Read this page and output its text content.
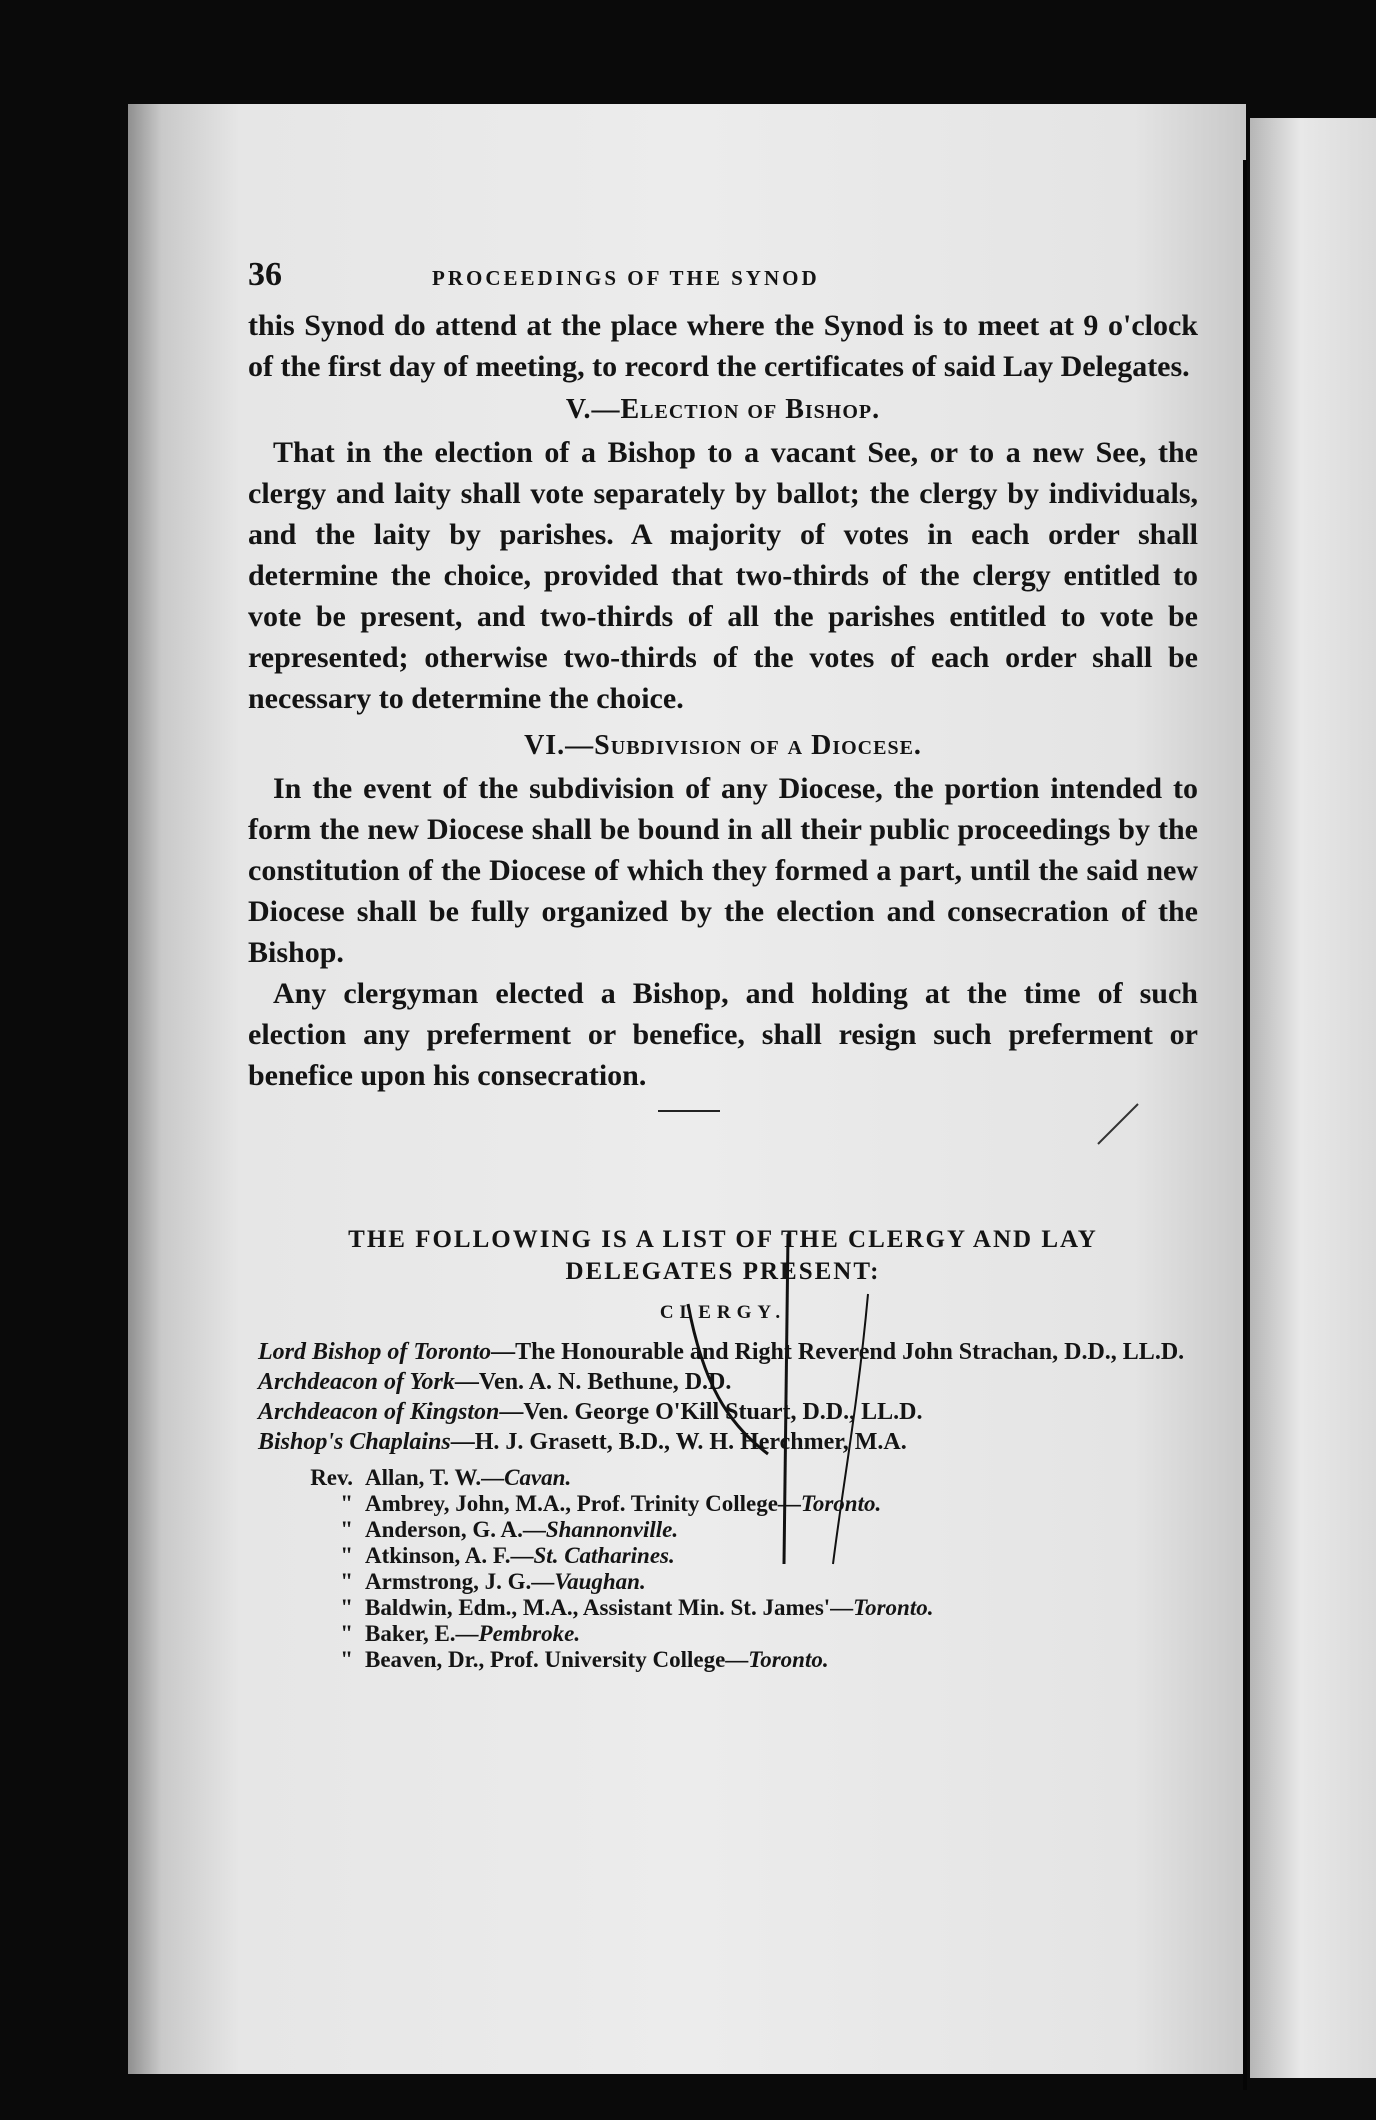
36	PROCEEDINGS OF THE SYNOD

this Synod do attend at the place where the Synod is to meet at 9 o'clock of the first day of meeting, to record the certificates of said Lay Delegates.

V.—Election of Bishop.

That in the election of a Bishop to a vacant See, or to a new See, the clergy and laity shall vote separately by ballot; the clergy by individuals, and the laity by parishes. A majority of votes in each order shall determine the choice, provided that two-thirds of the clergy entitled to vote be present, and two-thirds of all the parishes entitled to vote be represented; otherwise two-thirds of the votes of each order shall be necessary to determine the choice.

VI.—Subdivision of a Diocese.

In the event of the subdivision of any Diocese, the portion intended to form the new Diocese shall be bound in all their public proceedings by the constitution of the Diocese of which they formed a part, until the said new Diocese shall be fully organized by the election and consecration of the Bishop.

Any clergyman elected a Bishop, and holding at the time of such election any preferment or benefice, shall resign such preferment or benefice upon his consecration.

THE FOLLOWING IS A LIST OF THE CLERGY AND LAY
DELEGATES PRESENT:
CLERGY.
Lord Bishop of Toronto—The Honourable and Right Reverend John Strachan, D.D., LL.D.
Archdeacon of York—Ven. A. N. Bethune, D.D.
Archdeacon of Kingston—Ven. George O'Kill Stuart, D.D., LL.D.
Bishop's Chaplains—H. J. Grasett, B.D., W. H. Herchmer, M.A.
Rev. Allan, T. W.— Cavan.
" Ambrey, John, M.A., Prof. Trinity College— Toronto.
" Anderson, G. A.— Shannonville.
" Atkinson, A. F.— St. Catharines.
" Armstrong, J. G.— Vaughan.
" Baldwin, Edm., M.A., Assistant Min. St. James'— Toronto.
" Baker, E.— Pembroke.
" Beaven, Dr., Prof. University College— Toronto.
